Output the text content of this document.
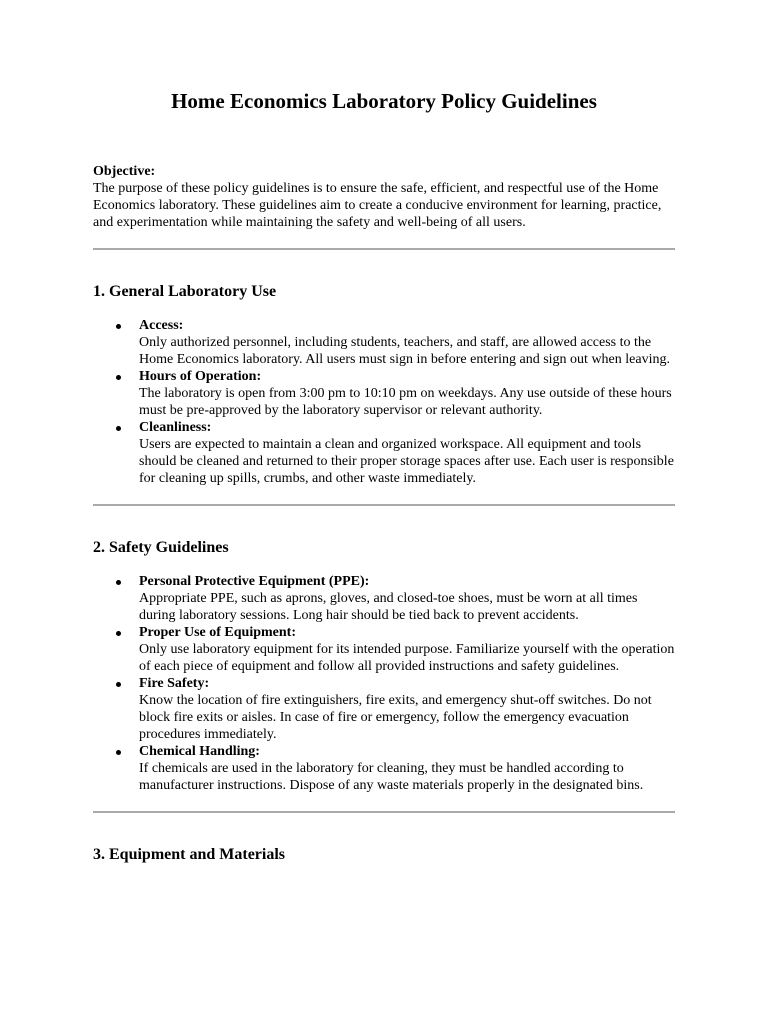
Home Economics Laboratory Policy Guidelines
Objective:
The purpose of these policy guidelines is to ensure the safe, efficient, and respectful use of the Home Economics laboratory. These guidelines aim to create a conducive environment for learning, practice, and experimentation while maintaining the safety and well-being of all users.
1. General Laboratory Use
Access:
Only authorized personnel, including students, teachers, and staff, are allowed access to the Home Economics laboratory. All users must sign in before entering and sign out when leaving.
Hours of Operation:
The laboratory is open from 3:00 pm to 10:10 pm on weekdays. Any use outside of these hours must be pre-approved by the laboratory supervisor or relevant authority.
Cleanliness:
Users are expected to maintain a clean and organized workspace. All equipment and tools should be cleaned and returned to their proper storage spaces after use. Each user is responsible for cleaning up spills, crumbs, and other waste immediately.
2. Safety Guidelines
Personal Protective Equipment (PPE):
Appropriate PPE, such as aprons, gloves, and closed-toe shoes, must be worn at all times during laboratory sessions. Long hair should be tied back to prevent accidents.
Proper Use of Equipment:
Only use laboratory equipment for its intended purpose. Familiarize yourself with the operation of each piece of equipment and follow all provided instructions and safety guidelines.
Fire Safety:
Know the location of fire extinguishers, fire exits, and emergency shut-off switches. Do not block fire exits or aisles. In case of fire or emergency, follow the emergency evacuation procedures immediately.
Chemical Handling:
If chemicals are used in the laboratory for cleaning, they must be handled according to manufacturer instructions. Dispose of any waste materials properly in the designated bins.
3. Equipment and Materials
